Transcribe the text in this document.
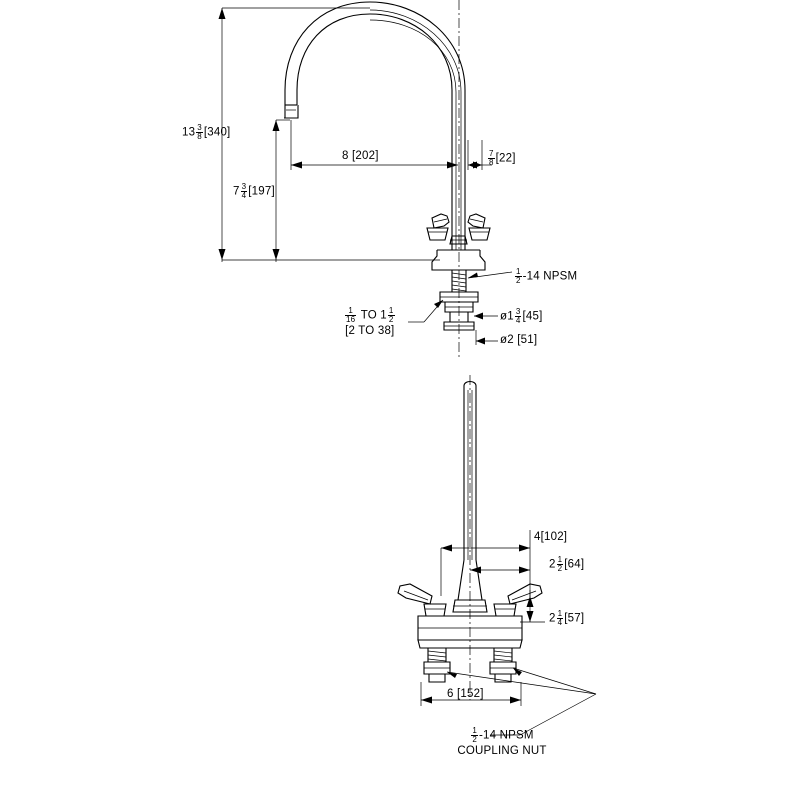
$13 \frac{3}{8} [340]$
$7 \frac{3}{4} [197]$
8 [202]	$\frac{7}{8} [22]$
$\frac{1}{2} -14$ NPSM
ø1 $\frac{3}{4} [45]$
ø2 [51]
$\frac{1}{16}$ TO $1 \frac{1}{2}$
[2 TO 38]
4[102]
$2 \frac{1}{2} [64]$
$2 \frac{1}{4} [57]$
6 [152]
$\frac{1}{2} -14$ NPSM
COUPLING NUT
